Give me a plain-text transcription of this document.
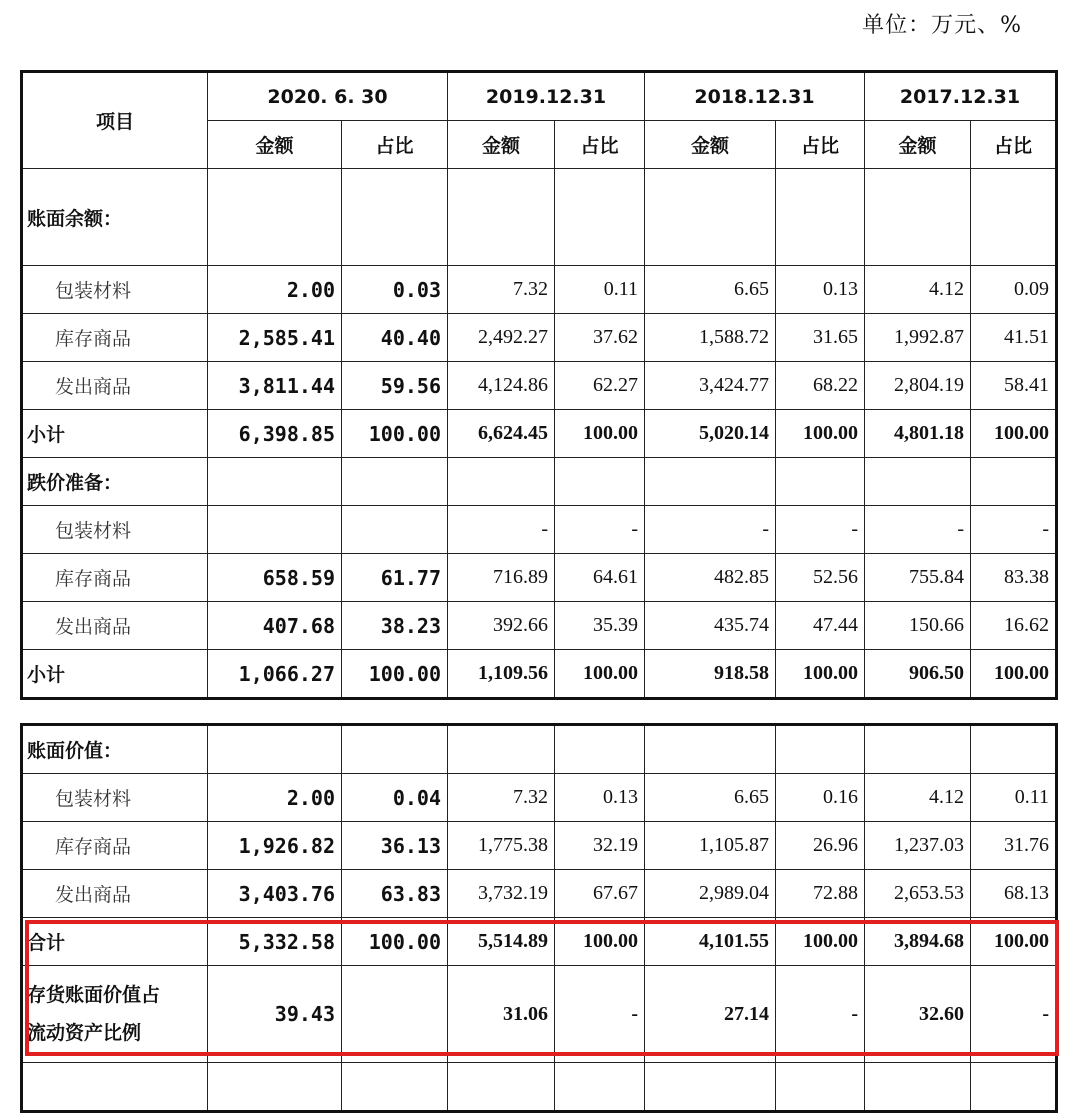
单位：万元、%
项目	2020. 6. 30		2019.12.31		2018.12.31		2017.12.31	
	金额	占比	金额	占比	金额	占比	金额	占比
账面余额：								
包装材料	2.00	0.03	7.32	0.11	6.65	0.13	4.12	0.09
库存商品	2,585.41	40.40	2,492.27	37.62	1,588.72	31.65	1,992.87	41.51
发出商品	3,811.44	59.56	4,124.86	62.27	3,424.77	68.22	2,804.19	58.41
小计	6,398.85	100.00	6,624.45	100.00	5,020.14	100.00	4,801.18	100.00
跌价准备：								
包装材料			-	-	-	-	-	-
库存商品	658.59	61.77	716.89	64.61	482.85	52.56	755.84	83.38
发出商品	407.68	38.23	392.66	35.39	435.74	47.44	150.66	16.62
小计	1,066.27	100.00	1,109.56	100.00	918.58	100.00	906.50	100.00
账面价值：								
包装材料	2.00	0.04	7.32	0.13	6.65	0.16	4.12	0.11
库存商品	1,926.82	36.13	1,775.38	32.19	1,105.87	26.96	1,237.03	31.76
发出商品	3,403.76	63.83	3,732.19	67.67	2,989.04	72.88	2,653.53	68.13
合计	5,332.58	100.00	5,514.89	100.00	4,101.55	100.00	3,894.68	100.00
存货账面价值占
流动资产比例	39.43		31.06	-	27.14	-	32.60	-
